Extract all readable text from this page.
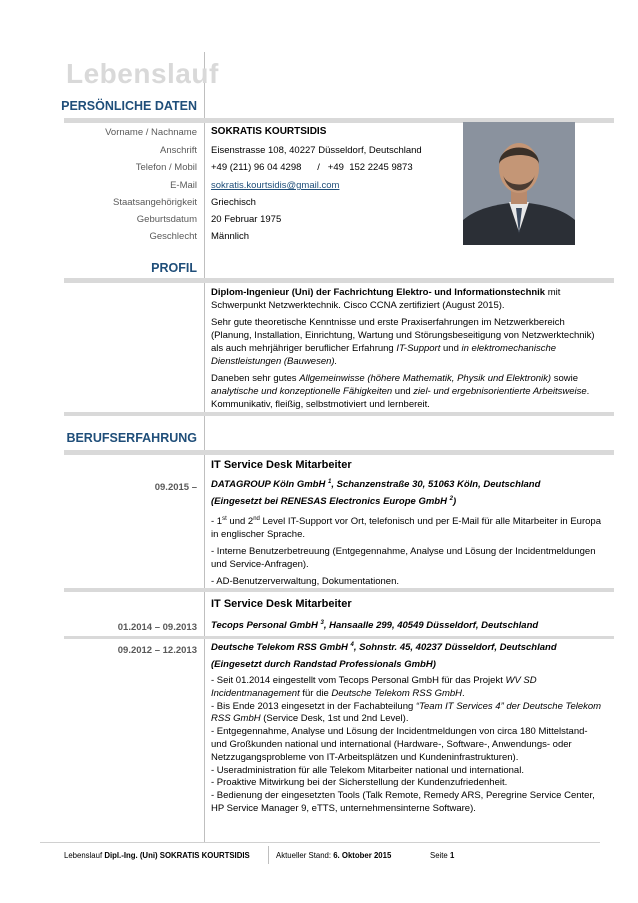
Lebenslauf
PERSÖNLICHE DATEN
Vorname / Nachname SOKRATIS KOURTSIDIS
Anschrift Eisenstrasse 108, 40227 Düsseldorf, Deutschland
Telefon / Mobil +49 (211) 96 04 4298      /   +49  152 2245 9873
E-Mail sokratis.kourtsidis@gmail.com
Staatsangehörigkeit Griechisch
Geburtsdatum 20 Februar 1975
Geschlecht Männlich
PROFIL

Diplom-Ingenieur (Uni) der Fachrichtung Elektro- und Informationstechnik mit Schwerpunkt Netzwerktechnik. Cisco CCNA zertifiziert (August 2015).

Sehr gute theoretische Kenntnisse und erste Praxiserfahrungen im Netzwerkbereich (Planung, Installation, Einrichtung, Wartung und Störungsbeseitigung von Netzwerktechnik) als auch mehrjähriger beruflicher Erfahrung IT-Support und in elektromechanische Dienstleistungen (Bauwesen).

Daneben sehr gutes Allgemeinwisse (höhere Mathematik, Physik und Elektronik) sowie analytische und konzeptionelle Fähigkeiten und ziel- und ergebnisorientierte Arbeitsweise. Kommunikativ, fleißig, selbstmotiviert und lernbereit.

BERUFSERFAHRUNG
IT Service Desk Mitarbeiter
09.2015 – DATAGROUP Köln GmbH $^1$, Schanzenstraße 30, 51063 Köln, Deutschland
(Eingesetzt bei RENESAS Electronics Europe GmbH $^2$)

- 1st und 2nd Level IT-Support vor Ort, telefonisch und per E-Mail für alle Mitarbeiter in Europa in englischer Sprache.

- Interne Benutzerbetreuung (Entgegennahme, Analyse und Lösung der Incidentmeldungen und Service-Anfragen).

- AD-Benutzerverwaltung, Dokumentationen.

IT Service Desk Mitarbeiter
01.2014 – 09.2013 Tecops Personal GmbH $^3$, Hansaalle 299, 40549 Düsseldorf, Deutschland
09.2012 – 12.2013 Deutsche Telekom RSS GmbH $^4$, Sohnstr. 45, 40237 Düsseldorf, Deutschland
(Eingesetzt durch Randstad Professionals GmbH)
- Seit 01.2014 eingestellt vom Tecops Personal GmbH für das Projekt WV SD Incidentmanagement für die Deutsche Telekom RSS GmbH.
- Bis Ende 2013 eingesetzt in der Fachabteilung “Team IT Services 4” der Deutsche Telekom RSS GmbH (Service Desk, 1st und 2nd Level).
- Entgegennahme, Analyse und Lösung der Incidentmeldungen von circa 180 Mittelstand- und Großkunden national und international (Hardware-, Software-, Anwendungs- oder Netzzugangsprobleme von IT-Arbeitsplätzen und Kundeninfrastrukturen).
- Useradministration für alle Telekom Mitarbeiter national und international.
- Proaktive Mitwirkung bei der Sicherstellung der Kundenzufriedenheit.
- Bedienung der eingesetzten Tools (Talk Remote, Remedy ARS, Peregrine Service Center, HP Service Manager 9, eTTS, unternehmensinterne Software).
Lebenslauf Dipl.-Ing. (Uni) SOKRATIS KOURTSIDIS	Aktueller Stand: 6. Oktober 2015	Seite 1
